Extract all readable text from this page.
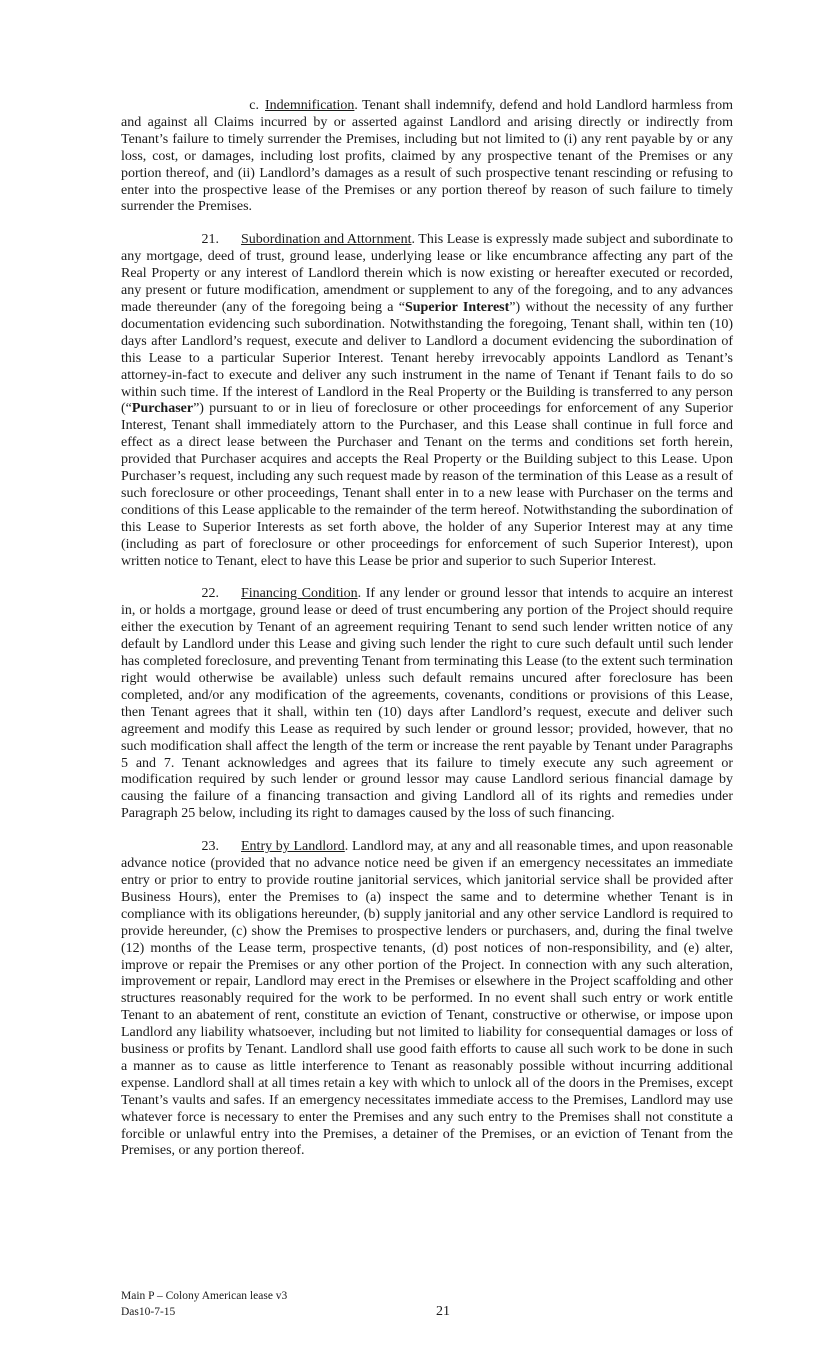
c. Indemnification. Tenant shall indemnify, defend and hold Landlord harmless from and against all Claims incurred by or asserted against Landlord and arising directly or indirectly from Tenant’s failure to timely surrender the Premises, including but not limited to (i) any rent payable by or any loss, cost, or damages, including lost profits, claimed by any prospective tenant of the Premises or any portion thereof, and (ii) Landlord’s damages as a result of such prospective tenant rescinding or refusing to enter into the prospective lease of the Premises or any portion thereof by reason of such failure to timely surrender the Premises.

21. Subordination and Attornment. This Lease is expressly made subject and subordinate to any mortgage, deed of trust, ground lease, underlying lease or like encumbrance affecting any part of the Real Property or any interest of Landlord therein which is now existing or hereafter executed or recorded, any present or future modification, amendment or supplement to any of the foregoing, and to any advances made thereunder (any of the foregoing being a “Superior Interest”) without the necessity of any further documentation evidencing such subordination. Notwithstanding the foregoing, Tenant shall, within ten (10) days after Landlord’s request, execute and deliver to Landlord a document evidencing the subordination of this Lease to a particular Superior Interest. Tenant hereby irrevocably appoints Landlord as Tenant’s attorney-in-fact to execute and deliver any such instrument in the name of Tenant if Tenant fails to do so within such time. If the interest of Landlord in the Real Property or the Building is transferred to any person (“Purchaser”) pursuant to or in lieu of foreclosure or other proceedings for enforcement of any Superior Interest, Tenant shall immediately attorn to the Purchaser, and this Lease shall continue in full force and effect as a direct lease between the Purchaser and Tenant on the terms and conditions set forth herein, provided that Purchaser acquires and accepts the Real Property or the Building subject to this Lease. Upon Purchaser’s request, including any such request made by reason of the termination of this Lease as a result of such foreclosure or other proceedings, Tenant shall enter in to a new lease with Purchaser on the terms and conditions of this Lease applicable to the remainder of the term hereof. Notwithstanding the subordination of this Lease to Superior Interests as set forth above, the holder of any Superior Interest may at any time (including as part of foreclosure or other proceedings for enforcement of such Superior Interest), upon written notice to Tenant, elect to have this Lease be prior and superior to such Superior Interest.

22. Financing Condition. If any lender or ground lessor that intends to acquire an interest in, or holds a mortgage, ground lease or deed of trust encumbering any portion of the Project should require either the execution by Tenant of an agreement requiring Tenant to send such lender written notice of any default by Landlord under this Lease and giving such lender the right to cure such default until such lender has completed foreclosure, and preventing Tenant from terminating this Lease (to the extent such termination right would otherwise be available) unless such default remains uncured after foreclosure has been completed, and/or any modification of the agreements, covenants, conditions or provisions of this Lease, then Tenant agrees that it shall, within ten (10) days after Landlord’s request, execute and deliver such agreement and modify this Lease as required by such lender or ground lessor; provided, however, that no such modification shall affect the length of the term or increase the rent payable by Tenant under Paragraphs 5 and 7. Tenant acknowledges and agrees that its failure to timely execute any such agreement or modification required by such lender or ground lessor may cause Landlord serious financial damage by causing the failure of a financing transaction and giving Landlord all of its rights and remedies under Paragraph 25 below, including its right to damages caused by the loss of such financing.

23. Entry by Landlord. Landlord may, at any and all reasonable times, and upon reasonable advance notice (provided that no advance notice need be given if an emergency necessitates an immediate entry or prior to entry to provide routine janitorial services, which janitorial service shall be provided after Business Hours), enter the Premises to (a) inspect the same and to determine whether Tenant is in compliance with its obligations hereunder, (b) supply janitorial and any other service Landlord is required to provide hereunder, (c) show the Premises to prospective lenders or purchasers, and, during the final twelve (12) months of the Lease term, prospective tenants, (d) post notices of non-responsibility, and (e) alter, improve or repair the Premises or any other portion of the Project. In connection with any such alteration, improvement or repair, Landlord may erect in the Premises or elsewhere in the Project scaffolding and other structures reasonably required for the work to be performed. In no event shall such entry or work entitle Tenant to an abatement of rent, constitute an eviction of Tenant, constructive or otherwise, or impose upon Landlord any liability whatsoever, including but not limited to liability for consequential damages or loss of business or profits by Tenant. Landlord shall use good faith efforts to cause all such work to be done in such a manner as to cause as little interference to Tenant as reasonably possible without incurring additional expense. Landlord shall at all times retain a key with which to unlock all of the doors in the Premises, except Tenant’s vaults and safes. If an emergency necessitates immediate access to the Premises, Landlord may use whatever force is necessary to enter the Premises and any such entry to the Premises shall not constitute a forcible or unlawful entry into the Premises, a detainer of the Premises, or an eviction of Tenant from the Premises, or any portion thereof.

Main P – Colony American lease v3
Das10-7-15	21
